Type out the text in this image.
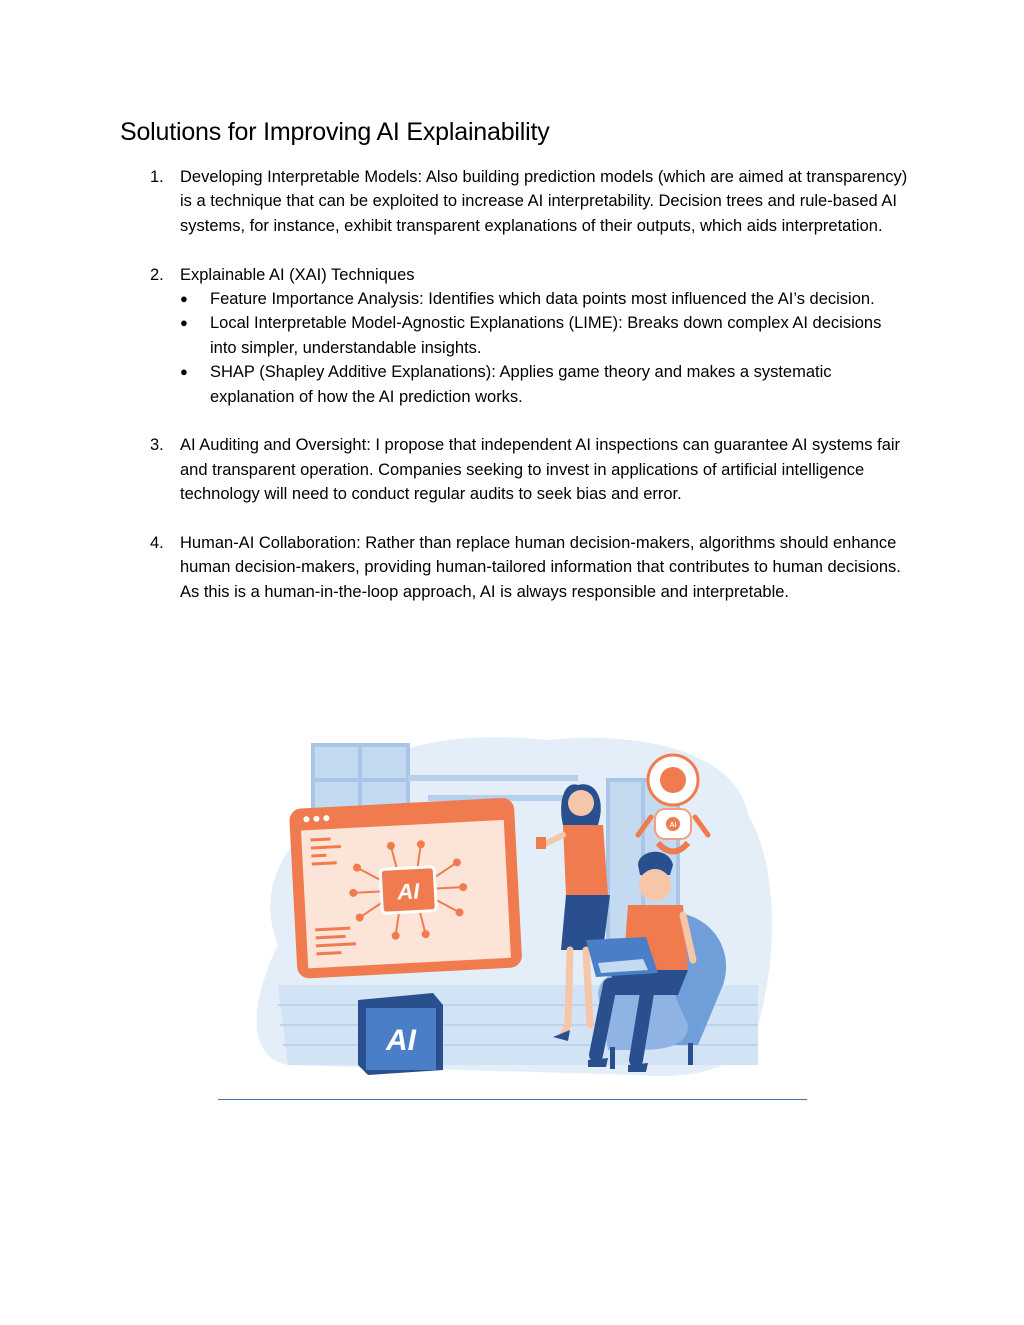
Solutions for Improving AI Explainability
1. Developing Interpretable Models: Also building prediction models (which are aimed at transparency) is a technique that can be exploited to increase AI interpretability. Decision trees and rule-based AI systems, for instance, exhibit transparent explanations of their outputs, which aids interpretation.
2. Explainable AI (XAI) Techniques
● Feature Importance Analysis: Identifies which data points most influenced the AI’s decision.
● Local Interpretable Model-Agnostic Explanations (LIME): Breaks down complex AI decisions into simpler, understandable insights.
● SHAP (Shapley Additive Explanations): Applies game theory and makes a systematic explanation of how the AI prediction works.
3. AI Auditing and Oversight: I propose that independent AI inspections can guarantee AI systems fair and transparent operation. Companies seeking to invest in applications of artificial intelligence technology will need to conduct regular audits to seek bias and error.
4. Human-AI Collaboration: Rather than replace human decision-makers, algorithms should enhance human decision-makers, providing human-tailored information that contributes to human decisions. As this is a human-in-the-loop approach, AI is always responsible and interpretable.
AI
AI
AI
